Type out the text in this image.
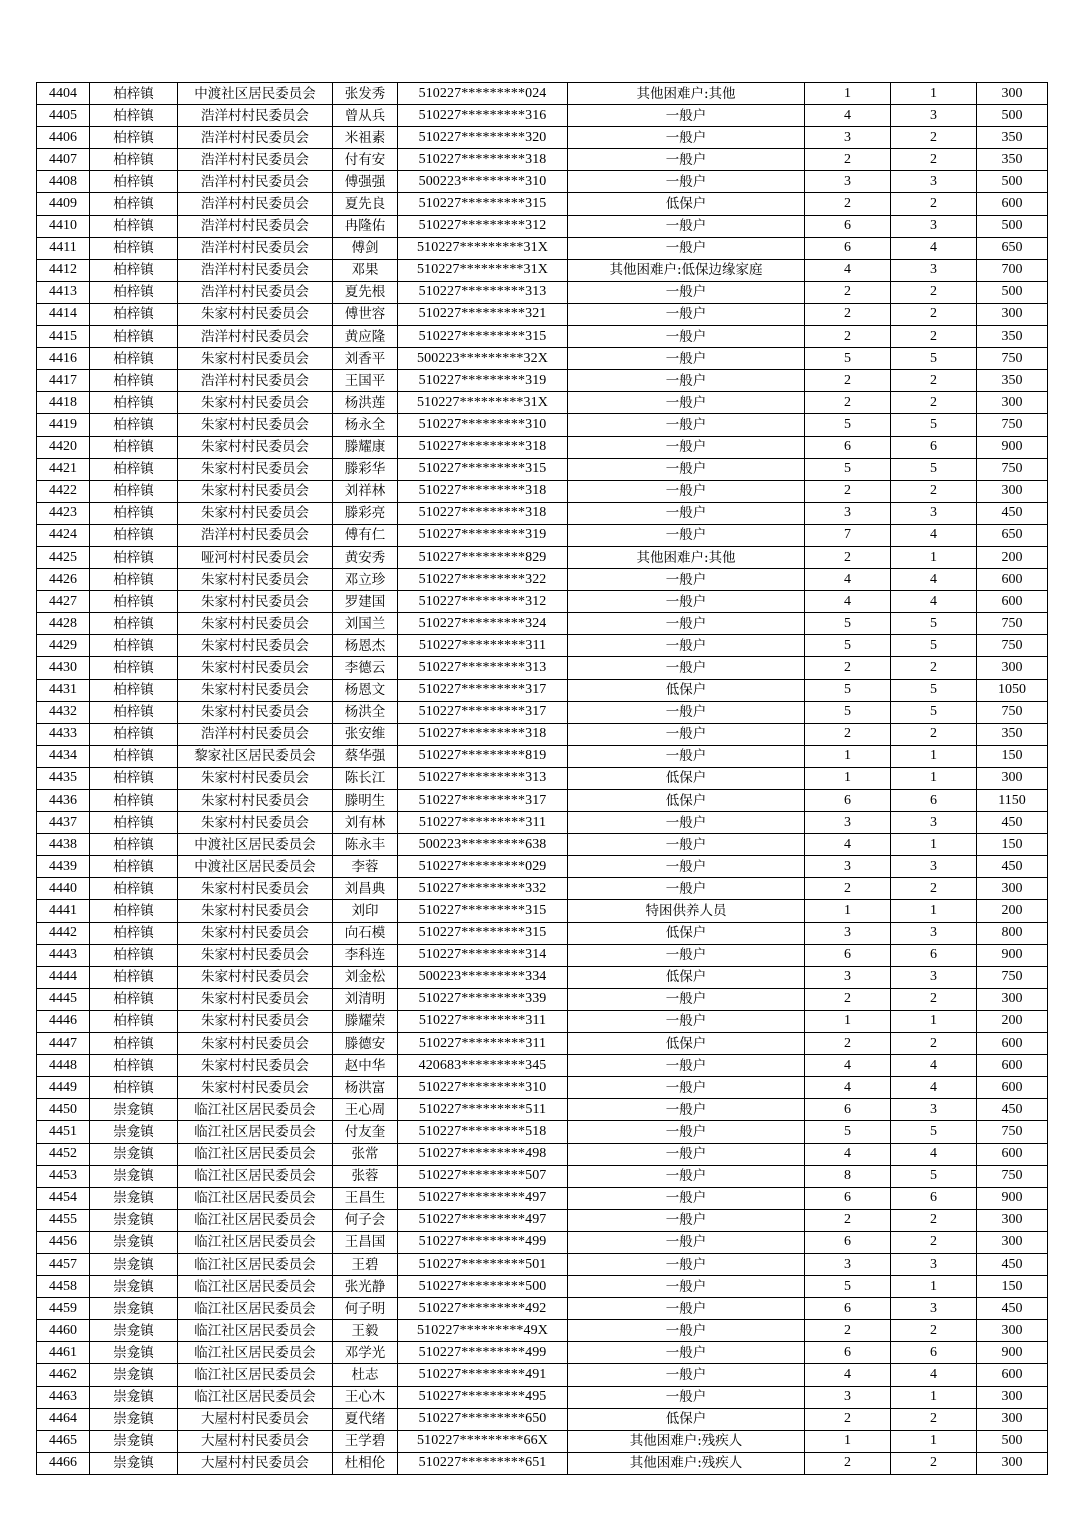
4404	柏梓镇	中渡社区居民委员会	张发秀	510227*********024	其他困难户:其他	1	1	300
4405	柏梓镇	浩洋村村民委员会	曾从兵	510227*********316	一般户	4	3	500
4406	柏梓镇	浩洋村村民委员会	米祖素	510227*********320	一般户	3	2	350
4407	柏梓镇	浩洋村村民委员会	付有安	510227*********318	一般户	2	2	350
4408	柏梓镇	浩洋村村民委员会	傅强强	500223*********310	一般户	3	3	500
4409	柏梓镇	浩洋村村民委员会	夏先良	510227*********315	低保户	2	2	600
4410	柏梓镇	浩洋村村民委员会	冉隆佑	510227*********312	一般户	6	3	500
4411	柏梓镇	浩洋村村民委员会	傅剑	510227*********31X	一般户	6	4	650
4412	柏梓镇	浩洋村村民委员会	邓果	510227*********31X	其他困难户:低保边缘家庭	4	3	700
4413	柏梓镇	浩洋村村民委员会	夏先根	510227*********313	一般户	2	2	500
4414	柏梓镇	朱家村村民委员会	傅世容	510227*********321	一般户	2	2	300
4415	柏梓镇	浩洋村村民委员会	黄应隆	510227*********315	一般户	2	2	350
4416	柏梓镇	朱家村村民委员会	刘香平	500223*********32X	一般户	5	5	750
4417	柏梓镇	浩洋村村民委员会	王国平	510227*********319	一般户	2	2	350
4418	柏梓镇	朱家村村民委员会	杨洪莲	510227*********31X	一般户	2	2	300
4419	柏梓镇	朱家村村民委员会	杨永全	510227*********310	一般户	5	5	750
4420	柏梓镇	朱家村村民委员会	滕耀康	510227*********318	一般户	6	6	900
4421	柏梓镇	朱家村村民委员会	滕彩华	510227*********315	一般户	5	5	750
4422	柏梓镇	朱家村村民委员会	刘祥林	510227*********318	一般户	2	2	300
4423	柏梓镇	朱家村村民委员会	滕彩亮	510227*********318	一般户	3	3	450
4424	柏梓镇	浩洋村村民委员会	傅有仁	510227*********319	一般户	7	4	650
4425	柏梓镇	哑河村村民委员会	黄安秀	510227*********829	其他困难户:其他	2	1	200
4426	柏梓镇	朱家村村民委员会	邓立珍	510227*********322	一般户	4	4	600
4427	柏梓镇	朱家村村民委员会	罗建国	510227*********312	一般户	4	4	600
4428	柏梓镇	朱家村村民委员会	刘国兰	510227*********324	一般户	5	5	750
4429	柏梓镇	朱家村村民委员会	杨恩杰	510227*********311	一般户	5	5	750
4430	柏梓镇	朱家村村民委员会	李德云	510227*********313	一般户	2	2	300
4431	柏梓镇	朱家村村民委员会	杨恩文	510227*********317	低保户	5	5	1050
4432	柏梓镇	朱家村村民委员会	杨洪全	510227*********317	一般户	5	5	750
4433	柏梓镇	浩洋村村民委员会	张安维	510227*********318	一般户	2	2	350
4434	柏梓镇	黎家社区居民委员会	蔡华强	510227*********819	一般户	1	1	150
4435	柏梓镇	朱家村村民委员会	陈长江	510227*********313	低保户	1	1	300
4436	柏梓镇	朱家村村民委员会	滕明生	510227*********317	低保户	6	6	1150
4437	柏梓镇	朱家村村民委员会	刘有林	510227*********311	一般户	3	3	450
4438	柏梓镇	中渡社区居民委员会	陈永丰	500223*********638	一般户	4	1	150
4439	柏梓镇	中渡社区居民委员会	李蓉	510227*********029	一般户	3	3	450
4440	柏梓镇	朱家村村民委员会	刘昌典	510227*********332	一般户	2	2	300
4441	柏梓镇	朱家村村民委员会	刘印	510227*********315	特困供养人员	1	1	200
4442	柏梓镇	朱家村村民委员会	向石模	510227*********315	低保户	3	3	800
4443	柏梓镇	朱家村村民委员会	李科连	510227*********314	一般户	6	6	900
4444	柏梓镇	朱家村村民委员会	刘金松	500223*********334	低保户	3	3	750
4445	柏梓镇	朱家村村民委员会	刘清明	510227*********339	一般户	2	2	300
4446	柏梓镇	朱家村村民委员会	滕耀荣	510227*********311	一般户	1	1	200
4447	柏梓镇	朱家村村民委员会	滕德安	510227*********311	低保户	2	2	600
4448	柏梓镇	朱家村村民委员会	赵中华	420683*********345	一般户	4	4	600
4449	柏梓镇	朱家村村民委员会	杨洪富	510227*********310	一般户	4	4	600
4450	崇龛镇	临江社区居民委员会	王心周	510227*********511	一般户	6	3	450
4451	崇龛镇	临江社区居民委员会	付友奎	510227*********518	一般户	5	5	750
4452	崇龛镇	临江社区居民委员会	张常	510227*********498	一般户	4	4	600
4453	崇龛镇	临江社区居民委员会	张蓉	510227*********507	一般户	8	5	750
4454	崇龛镇	临江社区居民委员会	王昌生	510227*********497	一般户	6	6	900
4455	崇龛镇	临江社区居民委员会	何子会	510227*********497	一般户	2	2	300
4456	崇龛镇	临江社区居民委员会	王昌国	510227*********499	一般户	6	2	300
4457	崇龛镇	临江社区居民委员会	王碧	510227*********501	一般户	3	3	450
4458	崇龛镇	临江社区居民委员会	张光静	510227*********500	一般户	5	1	150
4459	崇龛镇	临江社区居民委员会	何子明	510227*********492	一般户	6	3	450
4460	崇龛镇	临江社区居民委员会	王毅	510227*********49X	一般户	2	2	300
4461	崇龛镇	临江社区居民委员会	邓学光	510227*********499	一般户	6	6	900
4462	崇龛镇	临江社区居民委员会	杜志	510227*********491	一般户	4	4	600
4463	崇龛镇	临江社区居民委员会	王心木	510227*********495	一般户	3	1	300
4464	崇龛镇	大屋村村民委员会	夏代绪	510227*********650	低保户	2	2	300
4465	崇龛镇	大屋村村民委员会	王学碧	510227*********66X	其他困难户:残疾人	1	1	500
4466	崇龛镇	大屋村村民委员会	杜相伦	510227*********651	其他困难户:残疾人	2	2	300
